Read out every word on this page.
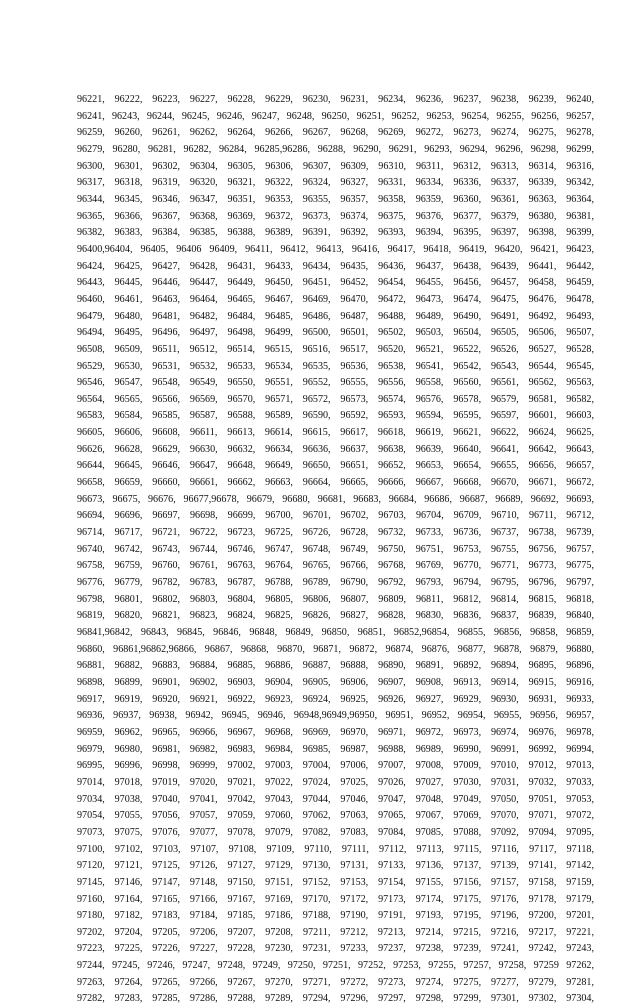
96221, 96222, 96223, 96227, 96228, 96229, 96230, 96231, 96234, 96236, 96237, 96238, 96239, 96240,
96241, 96243, 96244, 96245, 96246, 96247, 96248, 96250, 96251, 96252, 96253, 96254, 96255, 96256, 96257,
96259, 96260, 96261, 96262, 96264, 96266, 96267, 96268, 96269, 96272, 96273, 96274, 96275, 96278,
96279, 96280, 96281, 96282, 96284, 96285,96286, 96288, 96290, 96291, 96293, 96294, 96296, 96298, 96299,
96300, 96301, 96302, 96304, 96305, 96306, 96307, 96309, 96310, 96311, 96312, 96313, 96314, 96316,
96317, 96318, 96319, 96320, 96321, 96322, 96324, 96327, 96331, 96334, 96336, 96337, 96339, 96342,
96344, 96345, 96346, 96347, 96351, 96353, 96355, 96357, 96358, 96359, 96360, 96361, 96363, 96364,
96365, 96366, 96367, 96368, 96369, 96372, 96373, 96374, 96375, 96376, 96377, 96379, 96380, 96381,
96382, 96383, 96384, 96385, 96388, 96389, 96391, 96392, 96393, 96394, 96395, 96397, 96398, 96399,
96400,96404, 96405, 96406 96409, 96411, 96412, 96413, 96416, 96417, 96418, 96419, 96420, 96421, 96423,
96424, 96425, 96427, 96428, 96431, 96433, 96434, 96435, 96436, 96437, 96438, 96439, 96441, 96442,
96443, 96445, 96446, 96447, 96449, 96450, 96451, 96452, 96454, 96455, 96456, 96457, 96458, 96459,
96460, 96461, 96463, 96464, 96465, 96467, 96469, 96470, 96472, 96473, 96474, 96475, 96476, 96478,
96479, 96480, 96481, 96482, 96484, 96485, 96486, 96487, 96488, 96489, 96490, 96491, 96492, 96493,
96494, 96495, 96496, 96497, 96498, 96499, 96500, 96501, 96502, 96503, 96504, 96505, 96506, 96507,
96508, 96509, 96511, 96512, 96514, 96515, 96516, 96517, 96520, 96521, 96522, 96526, 96527, 96528,
96529, 96530, 96531, 96532, 96533, 96534, 96535, 96536, 96538, 96541, 96542, 96543, 96544, 96545,
96546, 96547, 96548, 96549, 96550, 96551, 96552, 96555, 96556, 96558, 96560, 96561, 96562, 96563,
96564, 96565, 96566, 96569, 96570, 96571, 96572, 96573, 96574, 96576, 96578, 96579, 96581, 96582,
96583, 96584, 96585, 96587, 96588, 96589, 96590, 96592, 96593, 96594, 96595, 96597, 96601, 96603,
96605, 96606, 96608, 96611, 96613, 96614, 96615, 96617, 96618, 96619, 96621, 96622, 96624, 96625,
96626, 96628, 96629, 96630, 96632, 96634, 96636, 96637, 96638, 96639, 96640, 96641, 96642, 96643,
96644, 96645, 96646, 96647, 96648, 96649, 96650, 96651, 96652, 96653, 96654, 96655, 96656, 96657,
96658, 96659, 96660, 96661, 96662, 96663, 96664, 96665, 96666, 96667, 96668, 96670, 96671, 96672,
96673, 96675, 96676, 96677,96678, 96679, 96680, 96681, 96683, 96684, 96686, 96687, 96689, 96692, 96693,
96694, 96696, 96697, 96698, 96699, 96700, 96701, 96702, 96703, 96704, 96709, 96710, 96711, 96712,
96714, 96717, 96721, 96722, 96723, 96725, 96726, 96728, 96732, 96733, 96736, 96737, 96738, 96739,
96740, 96742, 96743, 96744, 96746, 96747, 96748, 96749, 96750, 96751, 96753, 96755, 96756, 96757,
96758, 96759, 96760, 96761, 96763, 96764, 96765, 96766, 96768, 96769, 96770, 96771, 96773, 96775,
96776, 96779, 96782, 96783, 96787, 96788, 96789, 96790, 96792, 96793, 96794, 96795, 96796, 96797,
96798, 96801, 96802, 96803, 96804, 96805, 96806, 96807, 96809, 96811, 96812, 96814, 96815, 96818,
96819, 96820, 96821, 96823, 96824, 96825, 96826, 96827, 96828, 96830, 96836, 96837, 96839, 96840,
96841,96842, 96843, 96845, 96846, 96848, 96849, 96850, 96851, 96852,96854, 96855, 96856, 96858, 96859,
96860, 96861,96862,96866, 96867, 96868, 96870, 96871, 96872, 96874, 96876, 96877, 96878, 96879, 96880,
96881, 96882, 96883, 96884, 96885, 96886, 96887, 96888, 96890, 96891, 96892, 96894, 96895, 96896,
96898, 96899, 96901, 96902, 96903, 96904, 96905, 96906, 96907, 96908, 96913, 96914, 96915, 96916,
96917, 96919, 96920, 96921, 96922, 96923, 96924, 96925, 96926, 96927, 96929, 96930, 96931, 96933,
96936, 96937, 96938, 96942, 96945, 96946, 96948,96949,96950, 96951, 96952, 96954, 96955, 96956, 96957,
96959, 96962, 96965, 96966, 96967, 96968, 96969, 96970, 96971, 96972, 96973, 96974, 96976, 96978,
96979, 96980, 96981, 96982, 96983, 96984, 96985, 96987, 96988, 96989, 96990, 96991, 96992, 96994,
96995, 96996, 96998, 96999, 97002, 97003, 97004, 97006, 97007, 97008, 97009, 97010, 97012, 97013,
97014, 97018, 97019, 97020, 97021, 97022, 97024, 97025, 97026, 97027, 97030, 97031, 97032, 97033,
97034, 97038, 97040, 97041, 97042, 97043, 97044, 97046, 97047, 97048, 97049, 97050, 97051, 97053,
97054, 97055, 97056, 97057, 97059, 97060, 97062, 97063, 97065, 97067, 97069, 97070, 97071, 97072,
97073, 97075, 97076, 97077, 97078, 97079, 97082, 97083, 97084, 97085, 97088, 97092, 97094, 97095,
97100, 97102, 97103, 97107, 97108, 97109, 97110, 97111, 97112, 97113, 97115, 97116, 97117, 97118,
97120, 97121, 97125, 97126, 97127, 97129, 97130, 97131, 97133, 97136, 97137, 97139, 97141, 97142,
97145, 97146, 97147, 97148, 97150, 97151, 97152, 97153, 97154, 97155, 97156, 97157, 97158, 97159,
97160, 97164, 97165, 97166, 97167, 97169, 97170, 97172, 97173, 97174, 97175, 97176, 97178, 97179,
97180, 97182, 97183, 97184, 97185, 97186, 97188, 97190, 97191, 97193, 97195, 97196, 97200, 97201,
97202, 97204, 97205, 97206, 97207, 97208, 97211, 97212, 97213, 97214, 97215, 97216, 97217, 97221,
97223, 97225, 97226, 97227, 97228, 97230, 97231, 97233, 97237, 97238, 97239, 97241, 97242, 97243,
97244, 97245, 97246, 97247, 97248, 97249, 97250, 97251, 97252, 97253, 97255, 97257, 97258, 97259 97262,
97263, 97264, 97265, 97266, 97267, 97270, 97271, 97272, 97273, 97274, 97275, 97277, 97279, 97281,
97282, 97283, 97285, 97286, 97288, 97289, 97294, 97296, 97297, 97298, 97299, 97301, 97302, 97304,
